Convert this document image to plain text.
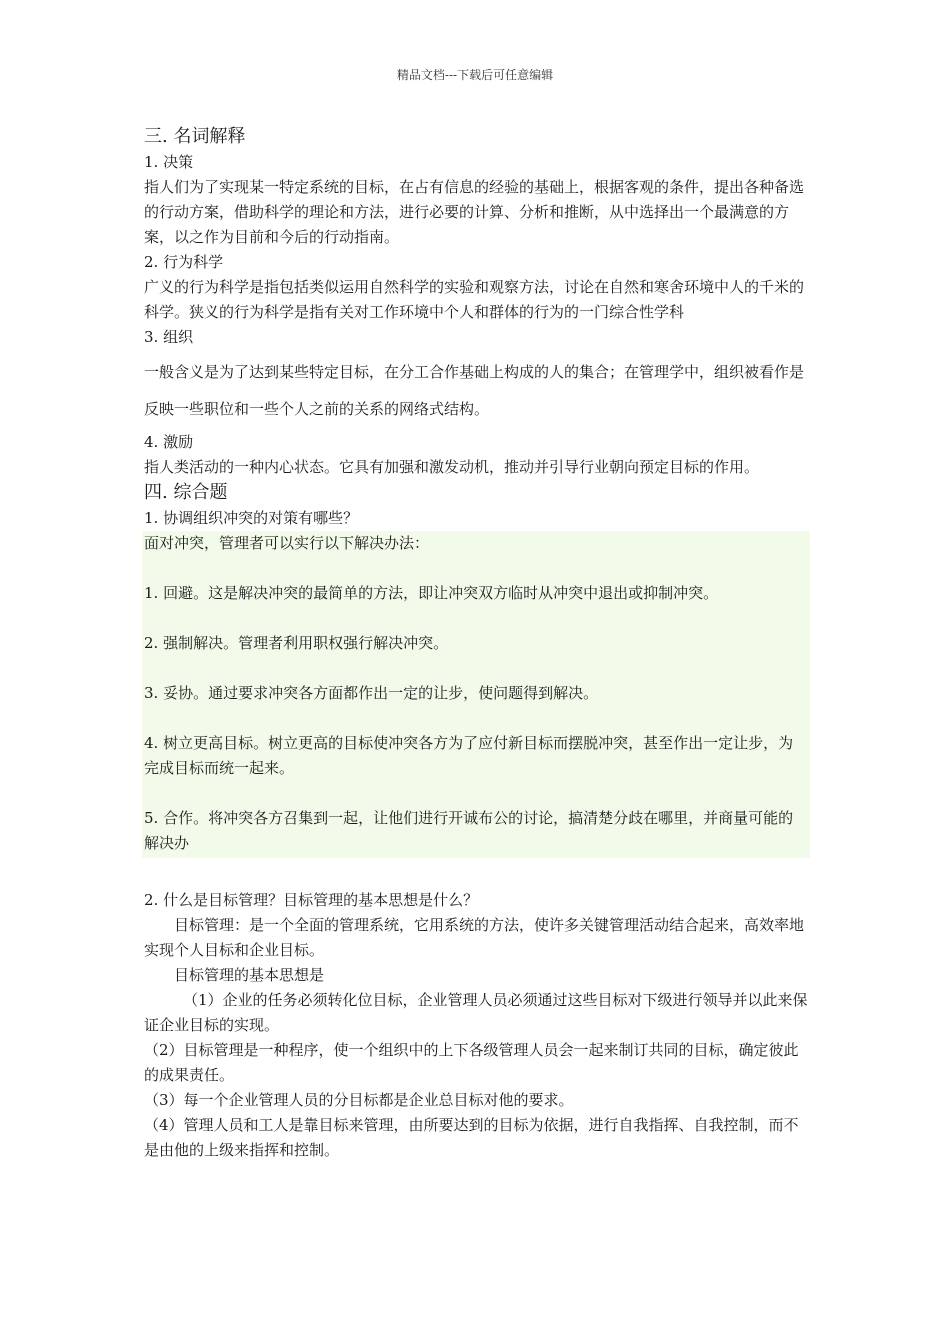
精品文档---下载后可任意编辑

三. 名词解释

1. 决策

指人们为了实现某一特定系统的目标，在占有信息的经验的基础上，根据客观的条件，提出各种备选的行动方案，借助科学的理论和方法，进行必要的计算、分析和推断，从中选择出一个最满意的方案，以之作为目前和今后的行动指南。

2. 行为科学

广义的行为科学是指包括类似运用自然科学的实验和观察方法，讨论在自然和寒舍环境中人的千米的科学。狭义的行为科学是指有关对工作环境中个人和群体的行为的一门综合性学科

3. 组织

一般含义是为了达到某些特定目标，在分工合作基础上构成的人的集合；在管理学中，组织被看作是反映一些职位和一些个人之前的关系的网络式结构。

4. 激励

指人类活动的一种内心状态。它具有加强和激发动机，推动并引导行业朝向预定目标的作用。

四. 综合题

1. 协调组织冲突的对策有哪些？

面对冲突，管理者可以实行以下解决办法：

1. 回避。这是解决冲突的最简单的方法，即让冲突双方临时从冲突中退出或抑制冲突。

2. 强制解决。管理者利用职权强行解决冲突。

3. 妥协。通过要求冲突各方面都作出一定的让步，使问题得到解决。

4. 树立更高目标。树立更高的目标使冲突各方为了应付新目标而摆脱冲突，甚至作出一定让步，为完成目标而统一起来。

5. 合作。将冲突各方召集到一起，让他们进行开诚布公的讨论，搞清楚分歧在哪里，并商量可能的解决办

2. 什么是目标管理？目标管理的基本思想是什么？

目标管理：是一个全面的管理系统，它用系统的方法，使许多关键管理活动结合起来，高效率地实现个人目标和企业目标。

目标管理的基本思想是

（1）企业的任务必须转化位目标，企业管理人员必须通过这些目标对下级进行领导并以此来保证企业目标的实现。

（2）目标管理是一种程序，使一个组织中的上下各级管理人员会一起来制订共同的目标，确定彼此的成果责任。

（3）每一个企业管理人员的分目标都是企业总目标对他的要求。

（4）管理人员和工人是靠目标来管理，由所要达到的目标为依据，进行自我指挥、自我控制，而不是由他的上级来指挥和控制。
